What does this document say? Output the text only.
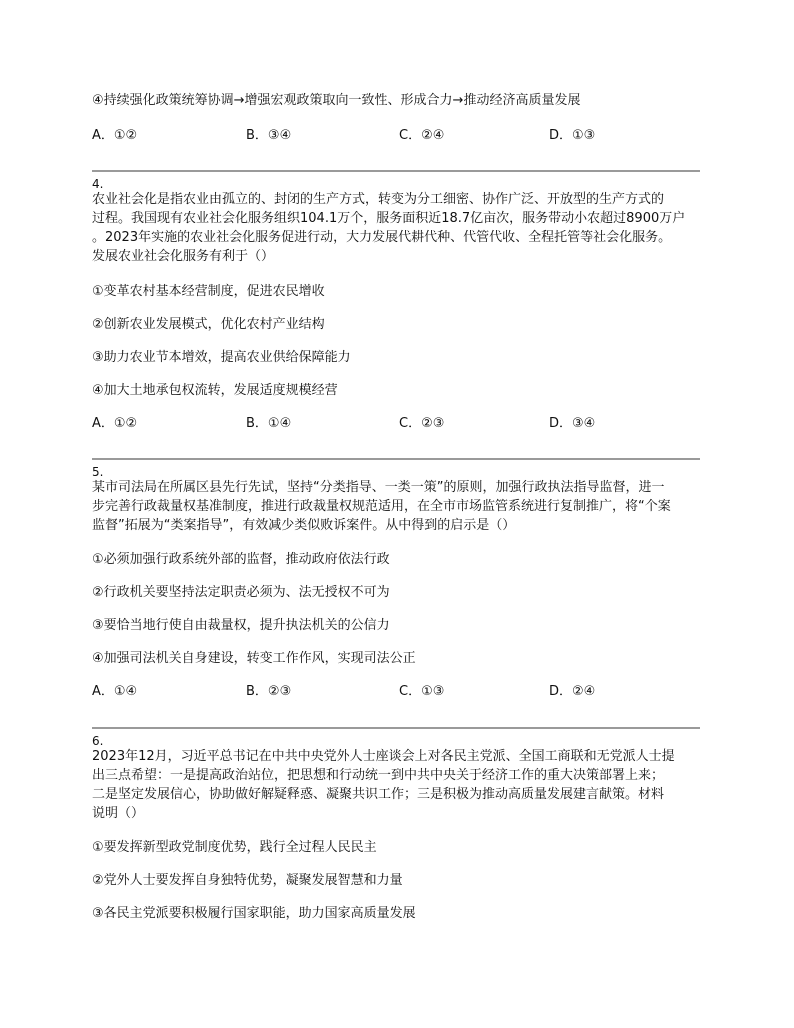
④持续强化政策统筹协调→增强宏观政策取向一致性、形成合力→推动经济高质量发展
A．①②	B．③④	C．②④	D．①③
4.
农业社会化是指农业由孤立的、封闭的生产方式，转变为分工细密、协作广泛、开放型的生产方式的
过程。我国现有农业社会化服务组织104.1万个，服务面积近18.7亿亩次，服务带动小农超过8900万户
。2023年实施的农业社会化服务促进行动，大力发展代耕代种、代管代收、全程托管等社会化服务。
发展农业社会化服务有利于（）
①变革农村基本经营制度，促进农民增收
②创新农业发展模式，优化农村产业结构
③助力农业节本增效，提高农业供给保障能力
④加大土地承包权流转，发展适度规模经营
A．①②	B．①④	C．②③	D．③④
5.
某市司法局在所属区县先行先试，坚持“分类指导、一类一策”的原则，加强行政执法指导监督，进一
步完善行政裁量权基准制度，推进行政裁量权规范适用，在全市市场监管系统进行复制推广，将“个案
监督”拓展为“类案指导”，有效减少类似败诉案件。从中得到的启示是（）
①必须加强行政系统外部的监督，推动政府依法行政
②行政机关要坚持法定职责必须为、法无授权不可为
③要恰当地行使自由裁量权，提升执法机关的公信力
④加强司法机关自身建设，转变工作作风，实现司法公正
A．①④	B．②③	C．①③	D．②④
6.
2023年12月，习近平总书记在中共中央党外人士座谈会上对各民主党派、全国工商联和无党派人士提
出三点希望：一是提高政治站位，把思想和行动统一到中共中央关于经济工作的重大决策部署上来；
二是坚定发展信心，协助做好解疑释惑、凝聚共识工作；三是积极为推动高质量发展建言献策。材料
说明（）
①要发挥新型政党制度优势，践行全过程人民民主
②党外人士要发挥自身独特优势，凝聚发展智慧和力量
③各民主党派要积极履行国家职能，助力国家高质量发展
